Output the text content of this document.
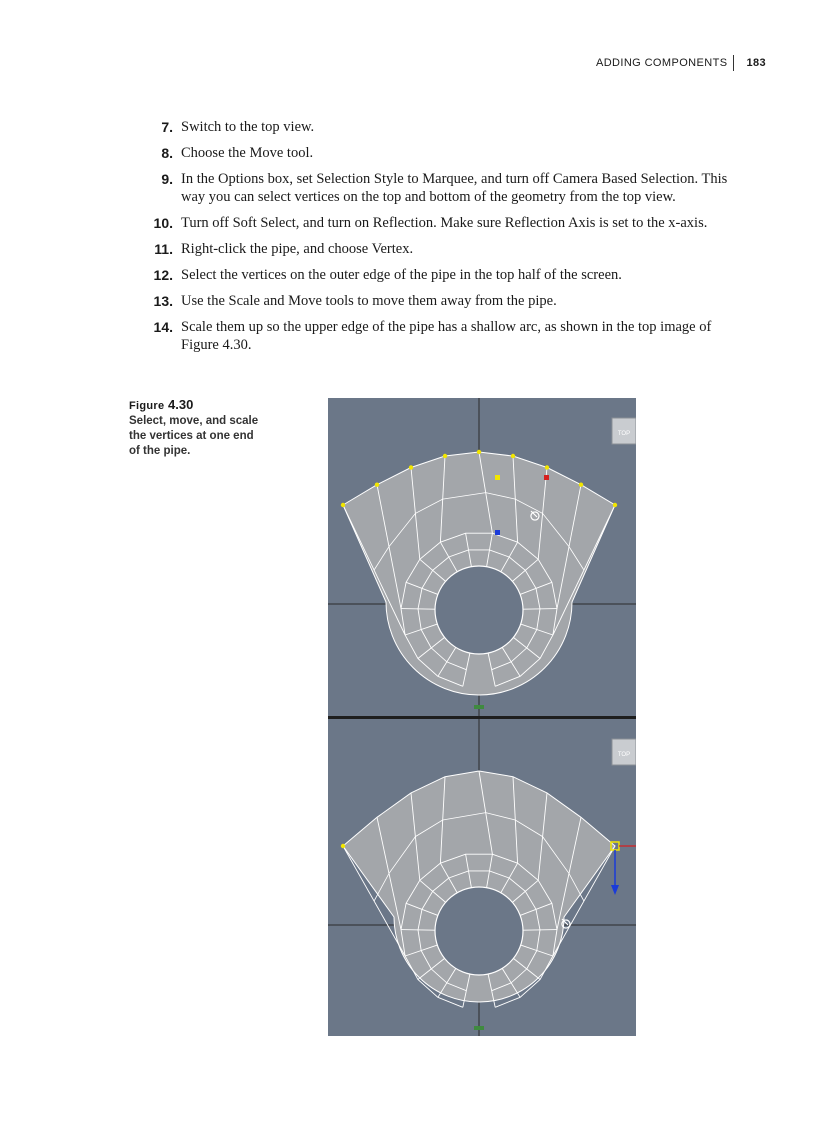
ADDING COMPONENTS	183
7. Switch to the top view.
8. Choose the Move tool.
9. In the Options box, set Selection Style to Marquee, and turn off Camera Based Selection. This way you can select vertices on the top and bottom of the geometry from the top view.
10. Turn off Soft Select, and turn on Reflection. Make sure Reflection Axis is set to the x-axis.
11. Right-click the pipe, and choose Vertex.
12. Select the vertices on the outer edge of the pipe in the top half of the screen.
13. Use the Scale and Move tools to move them away from the pipe.
14. Scale them up so the upper edge of the pipe has a shallow arc, as shown in the top image of Figure 4.30.
Figure 4.30
Select, move, and scale the vertices at one end of the pipe.
TOP
TOP
